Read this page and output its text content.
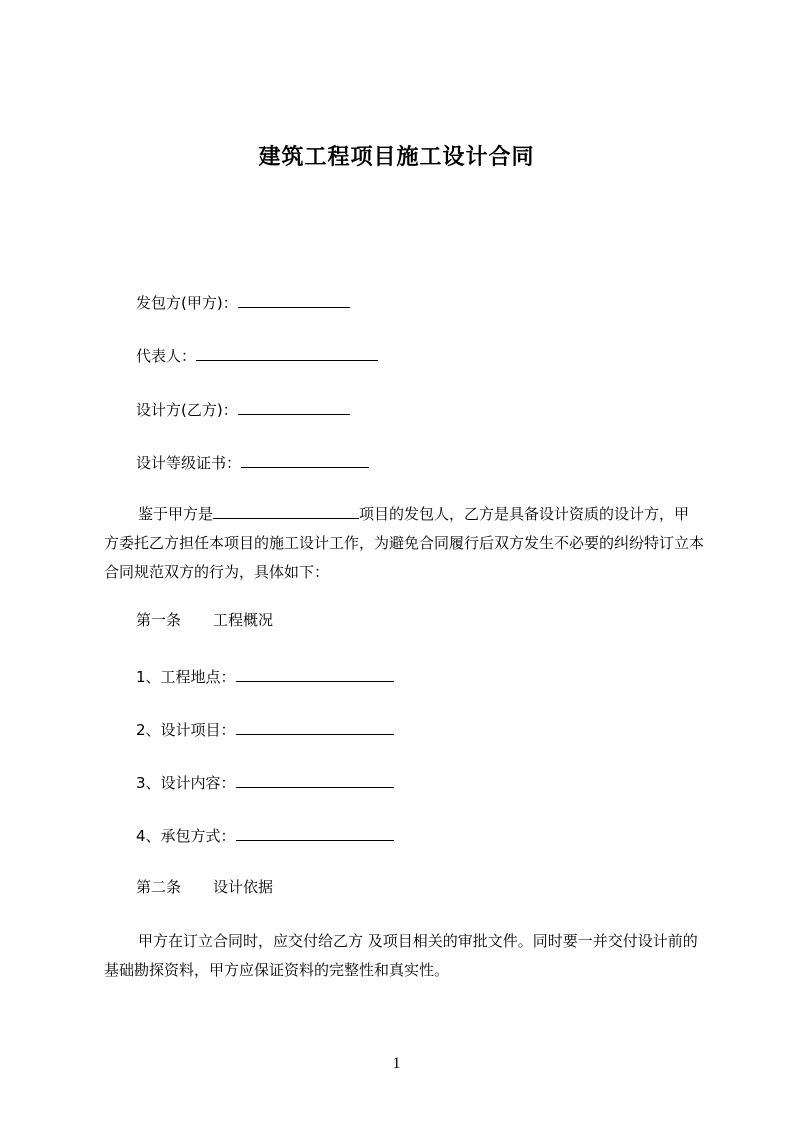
建筑工程项目施工设计合同
发包方(甲方)：
代表人：
设计方(乙方)：
设计等级证书：
鉴于甲方是	项目的发包人，乙方是具备设计资质的设计方，甲方委托乙方担任本项目的施工设计工作，为避免合同履行后双方发生不必要的纠纷特订立本合同规范双方的行为，具体如下：
第一条 工程概况
1、工程地点：
2、设计项目：
3、设计内容：
4、承包方式：
第二条 设计依据
甲方在订立合同时，应交付给乙方 及项目相关的审批文件。同时要一并交付设计前的基础勘探资料，甲方应保证资料的完整性和真实性。
1
